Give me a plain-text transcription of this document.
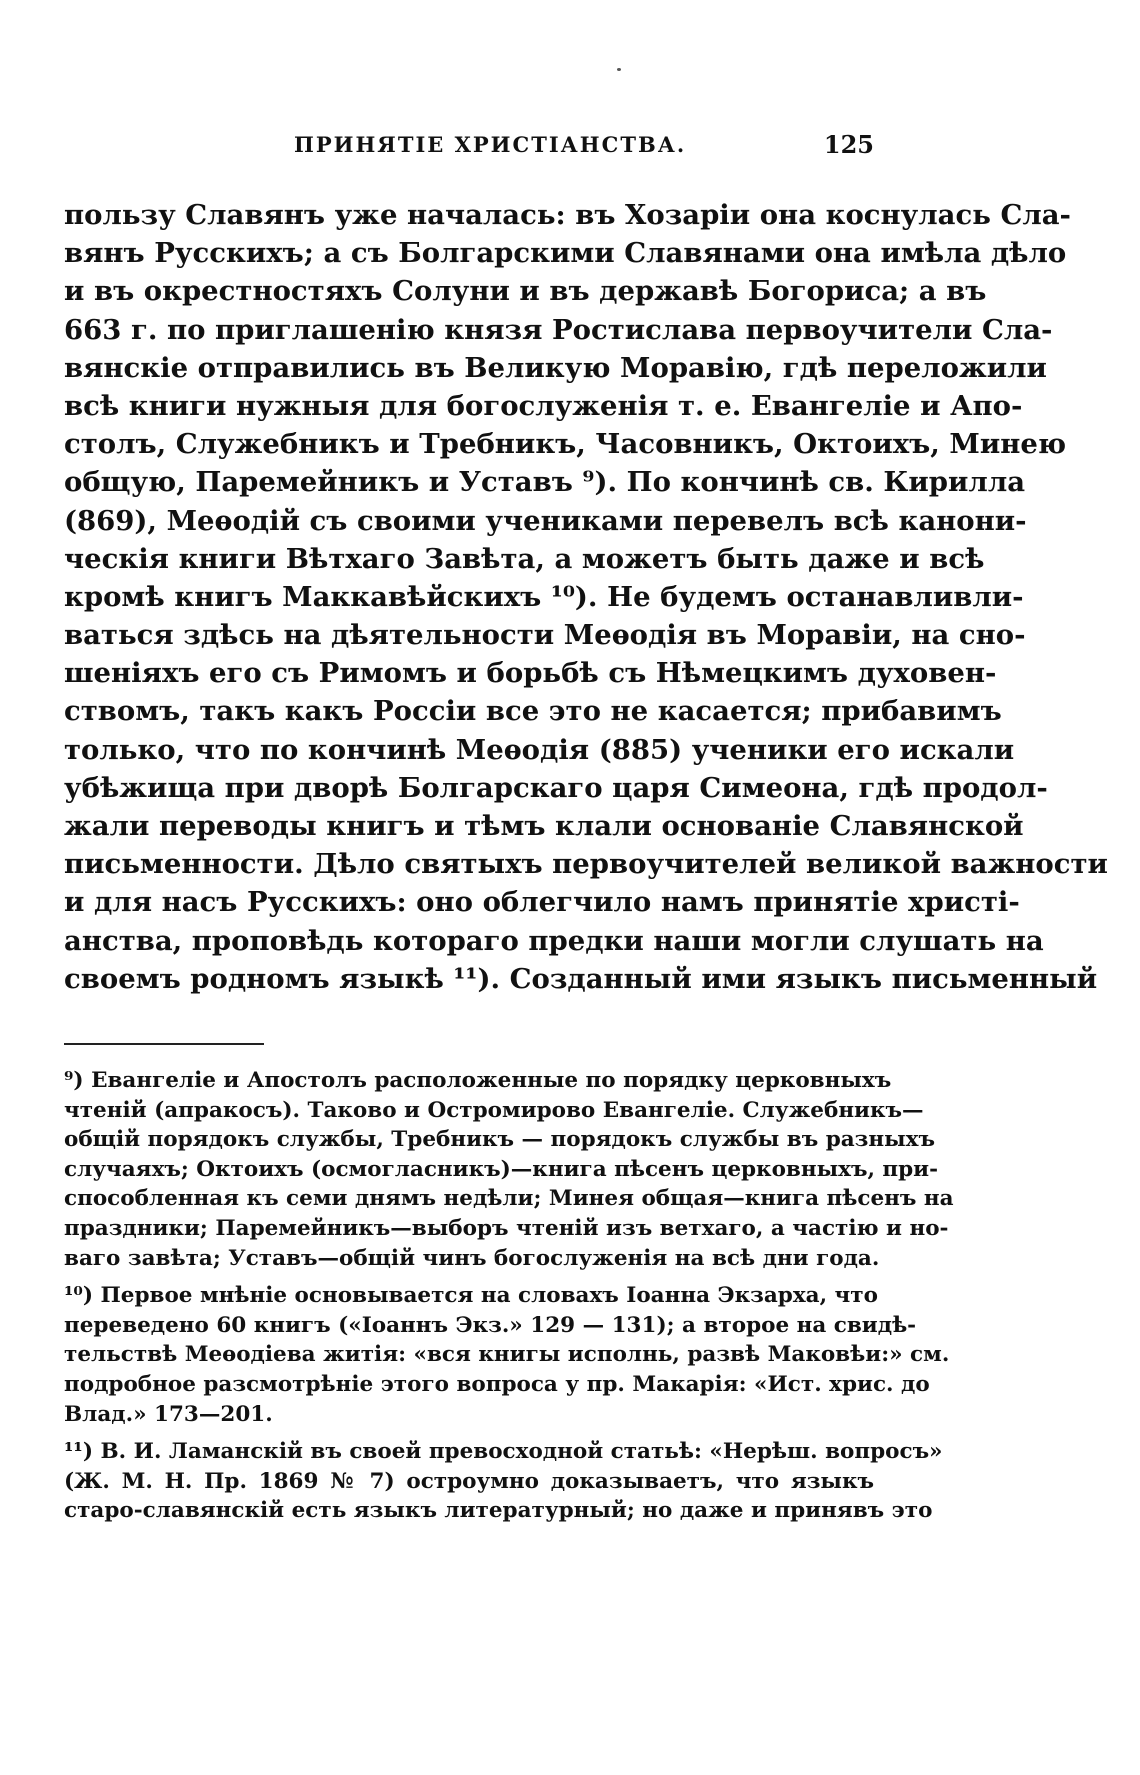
ПРИНЯТІЕ ХРИСТІАНСТВА.	125
пользу Славянъ уже началась: въ Хозаріи она коснулась Сла-
вянъ Русскихъ; а съ Болгарскими Славянами она имѣла дѣло
и въ окрестностяхъ Солуни и въ державѣ Богориса; а въ
663 г. по приглашенію князя Ростислава первоучители Сла-
вянскіе отправились въ Великую Моравію, гдѣ переложили
всѣ книги нужныя для богослуженія т. е. Евангеліе и Апо-
столъ, Служебникъ и Требникъ, Часовникъ, Октоихъ, Минею
общую, Паремейникъ и Уставъ ⁹). По кончинѣ св. Кирилла
(869), Меѳодій съ своими учениками перевелъ всѣ канони-
ческія книги Вѣтхаго Завѣта, а можетъ быть даже и всѣ
кромѣ книгъ Маккавѣйскихъ ¹⁰). Не будемъ останавливли-
ваться здѣсь на дѣятельности Меѳодія въ Моравіи, на сно-
шеніяхъ его съ Римомъ и борьбѣ съ Нѣмецкимъ духовен-
ствомъ, такъ какъ Россіи все это не касается; прибавимъ
только, что по кончинѣ Меѳодія (885) ученики его искали
убѣжища при дворѣ Болгарскаго царя Симеона, гдѣ продол-
жали переводы книгъ и тѣмъ клали основаніе Славянской
письменности. Дѣло святыхъ первоучителей великой важности
и для насъ Русскихъ: оно облегчило намъ принятіе христі-
анства, проповѣдь котораго предки наши могли слушать на
своемъ родномъ языкѣ ¹¹). Созданный ими языкъ письменный
⁹) Евангеліе и Апостолъ расположенные по порядку церковныхъ
чтеній (апракосъ). Таково и Остромирово Евангеліе. Служебникъ—
общій порядокъ службы, Требникъ — порядокъ службы въ разныхъ
случаяхъ; Октоихъ (осмогласникъ)—книга пѣсенъ церковныхъ, при-
способленная къ семи днямъ недѣли; Минея общая—книга пѣсенъ на
праздники; Паремейникъ—выборъ чтеній изъ ветхаго, а частію и но-
ваго завѣта; Уставъ—общій чинъ богослуженія на всѣ дни года.
¹⁰) Первое мнѣніе основывается на словахъ Іоанна Экзарха, что
переведено 60 книгъ («Іоаннъ Экз.» 129 — 131); а второе на свидѣ-
тельствѣ Меѳодіева житія: «вся книгы исполнь, развѣ Маковѣи:» см.
подробное разсмотрѣніе этого вопроса у пр. Макарія: «Ист. хрис. до
Влад.» 173—201.
¹¹) В. И. Ламанскій въ своей превосходной статьѣ: «Нерѣш. вопросъ»
(Ж. М. Н. Пр. 1869 № 7) остроумно доказываетъ, что языкъ
старо-славянскій есть языкъ литературный; но даже и принявъ это
